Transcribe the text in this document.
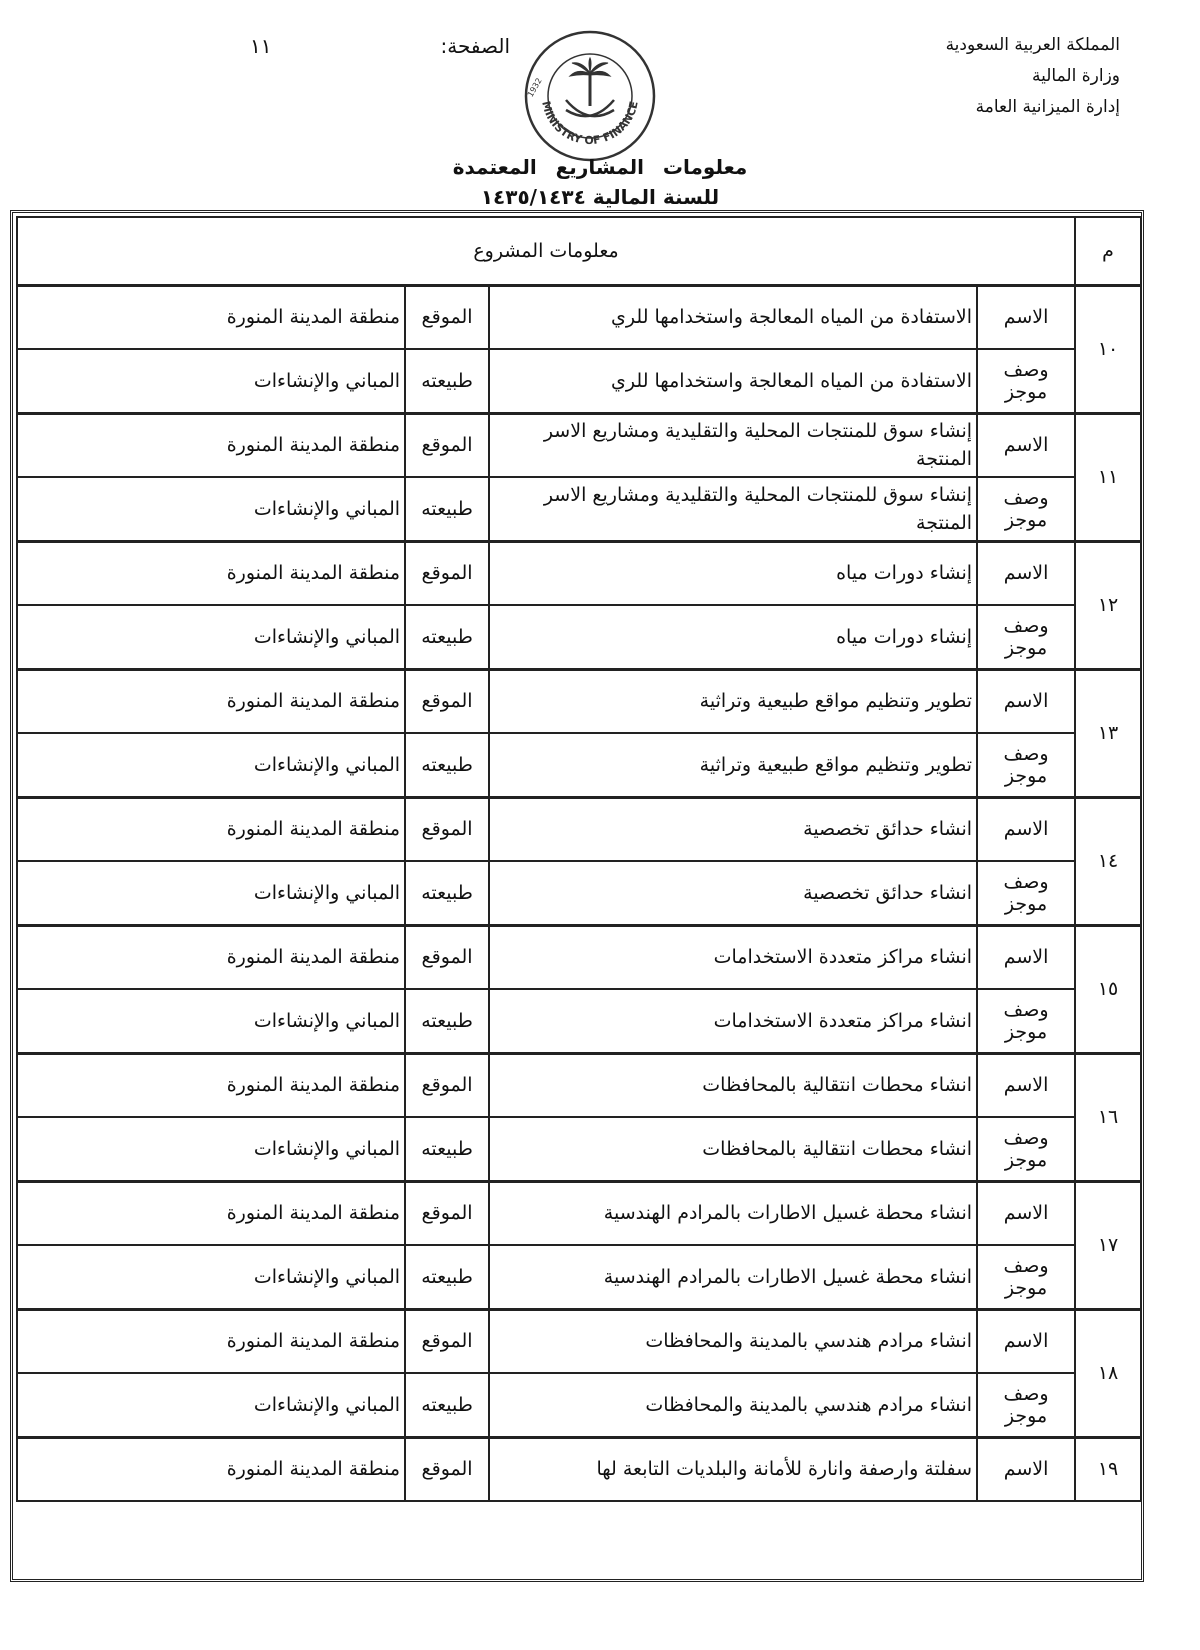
المملكة العربية السعودية
وزارة المالية
إدارة الميزانية العامة
الصفحة:
١١
MINISTRY OF FINANCE
1932
معلومات المشاريع المعتمدة
للسنة المالية ١٤٣٥/١٤٣٤
م	معلومات المشروع			
١٠	الاسم	الاستفادة من المياه المعالجة واستخدامها للري	الموقع	منطقة المدينة المنورة
	وصف موجز	الاستفادة من المياه المعالجة واستخدامها للري	طبيعته	المباني والإنشاءات
١١	الاسم	إنشاء سوق للمنتجات المحلية والتقليدية ومشاريع الاسر المنتجة	الموقع	منطقة المدينة المنورة
	وصف موجز	إنشاء سوق للمنتجات المحلية والتقليدية ومشاريع الاسر المنتجة	طبيعته	المباني والإنشاءات
١٢	الاسم	إنشاء دورات مياه	الموقع	منطقة المدينة المنورة
	وصف موجز	إنشاء دورات مياه	طبيعته	المباني والإنشاءات
١٣	الاسم	تطوير وتنظيم مواقع طبيعية وتراثية	الموقع	منطقة المدينة المنورة
	وصف موجز	تطوير وتنظيم مواقع طبيعية وتراثية	طبيعته	المباني والإنشاءات
١٤	الاسم	انشاء حدائق تخصصية	الموقع	منطقة المدينة المنورة
	وصف موجز	انشاء حدائق تخصصية	طبيعته	المباني والإنشاءات
١٥	الاسم	انشاء مراكز متعددة الاستخدامات	الموقع	منطقة المدينة المنورة
	وصف موجز	انشاء مراكز متعددة الاستخدامات	طبيعته	المباني والإنشاءات
١٦	الاسم	انشاء محطات انتقالية بالمحافظات	الموقع	منطقة المدينة المنورة
	وصف موجز	انشاء محطات انتقالية بالمحافظات	طبيعته	المباني والإنشاءات
١٧	الاسم	انشاء محطة غسيل الاطارات بالمرادم الهندسية	الموقع	منطقة المدينة المنورة
	وصف موجز	انشاء محطة غسيل الاطارات بالمرادم الهندسية	طبيعته	المباني والإنشاءات
١٨	الاسم	انشاء مرادم هندسي بالمدينة والمحافظات	الموقع	منطقة المدينة المنورة
	وصف موجز	انشاء مرادم هندسي بالمدينة والمحافظات	طبيعته	المباني والإنشاءات
١٩	الاسم	سفلتة وارصفة وانارة للأمانة والبلديات التابعة لها	الموقع	منطقة المدينة المنورة
